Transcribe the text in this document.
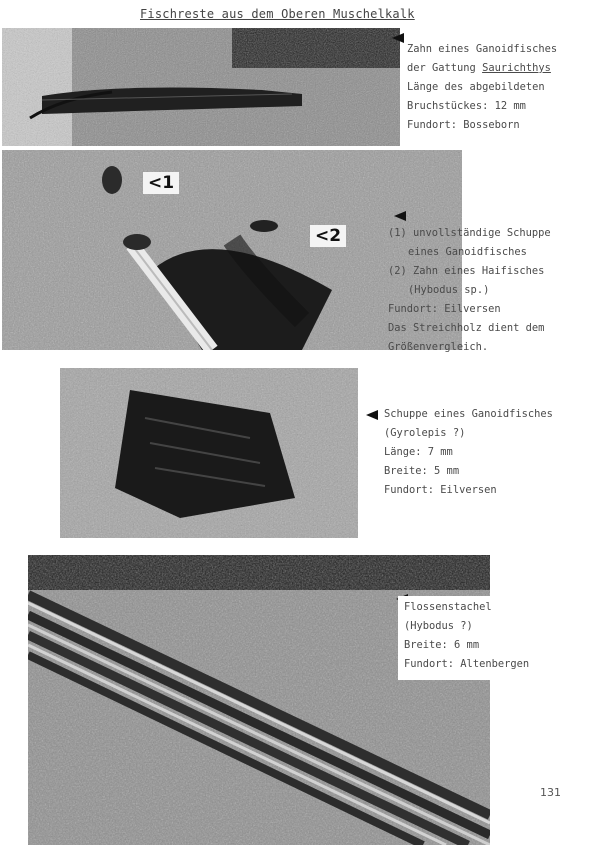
Fischreste aus dem Oberen Muschelkalk
Zahn eines Ganoidfisches
der Gattung Saurichthys
Länge des abgebildeten
Bruchstückes: 12 mm
Fundort: Bosseborn
<1
<2	(1) unvollständige Schuppe
eines Ganoidfisches
(2) Zahn eines Haifisches
(Hybodus sp.)
Fundort: Eilversen
Das Streichholz dient dem
Größenvergleich.
Schuppe eines Ganoidfisches
(Gyrolepis ?)
Länge: 7 mm
Breite: 5 mm
Fundort: Eilversen
Flossenstachel
(Hybodus ?)
Breite: 6 mm
Fundort: Altenbergen
131
